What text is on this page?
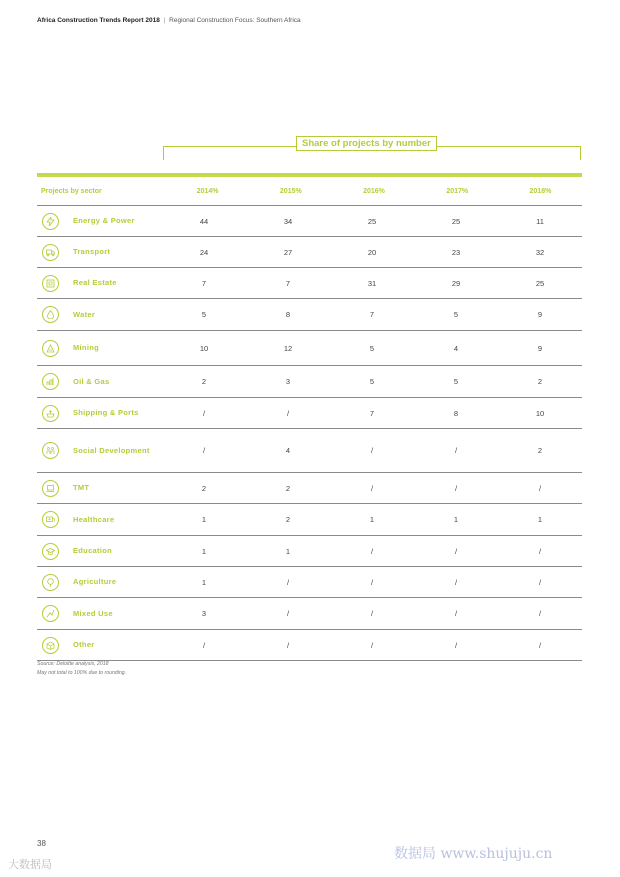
Africa Construction Trends Report 2018 | Regional Construction Focus: Southern Africa
Share of projects by number
Projects by sector	2014%	2015%	2016%	2017%	2018%
Energy & Power	44	34	25	25	11
Transport	24	27	20	23	32
Real Estate	7	7	31	29	25
Water	5	8	7	5	9
Mining	10	12	5	4	9
Oil & Gas	2	3	5	5	2
Shipping & Ports	/	/	7	8	10
Social Development	/	4	/	/	2
TMT	2	2	/	/	/
Healthcare	1	2	1	1	1
Education	1	1	/	/	/
Agriculture	1	/	/	/	/
Mixed Use	3	/	/	/	/
Other	/	/	/	/	/
Source: Deloitte analysis, 2018
May not total to 100% due to rounding.
38
大数据局
数据局 www.shujuju.cn
